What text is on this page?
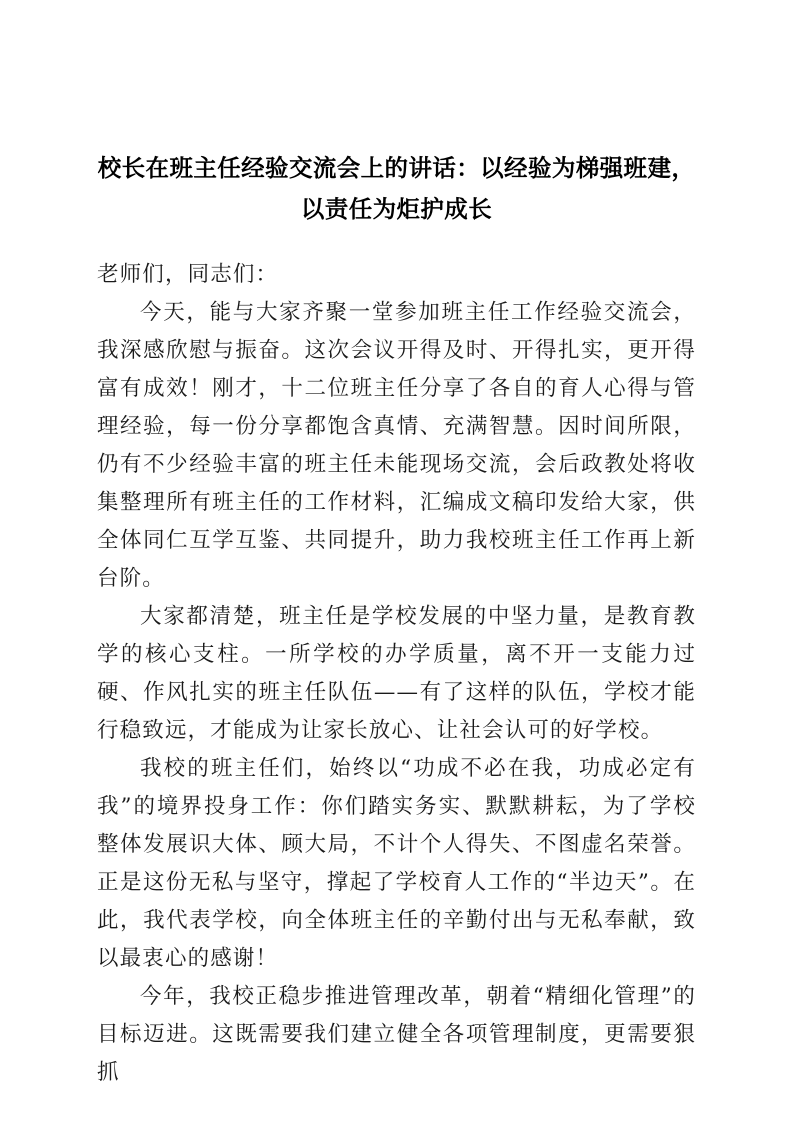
校长在班主任经验交流会上的讲话：以经验为梯强班建，
以责任为炬护成长

老师们，同志们：

今天，能与大家齐聚一堂参加班主任工作经验交流会，我深感欣慰与振奋。这次会议开得及时、开得扎实，更开得富有成效！刚才，十二位班主任分享了各自的育人心得与管理经验，每一份分享都饱含真情、充满智慧。因时间所限，仍有不少经验丰富的班主任未能现场交流，会后政教处将收集整理所有班主任的工作材料，汇编成文稿印发给大家，供全体同仁互学互鉴、共同提升，助力我校班主任工作再上新台阶。

大家都清楚，班主任是学校发展的中坚力量，是教育教学的核心支柱。一所学校的办学质量，离不开一支能力过硬、作风扎实的班主任队伍——有了这样的队伍，学校才能行稳致远，才能成为让家长放心、让社会认可的好学校。

我校的班主任们，始终以“功成不必在我，功成必定有我”的境界投身工作：你们踏实务实、默默耕耘，为了学校整体发展识大体、顾大局，不计个人得失、不图虚名荣誉。正是这份无私与坚守，撑起了学校育人工作的“半边天”。在此，我代表学校，向全体班主任的辛勤付出与无私奉献，致以最衷心的感谢！

今年，我校正稳步推进管理改革，朝着“精细化管理”的目标迈进。这既需要我们建立健全各项管理制度，更需要狠抓
